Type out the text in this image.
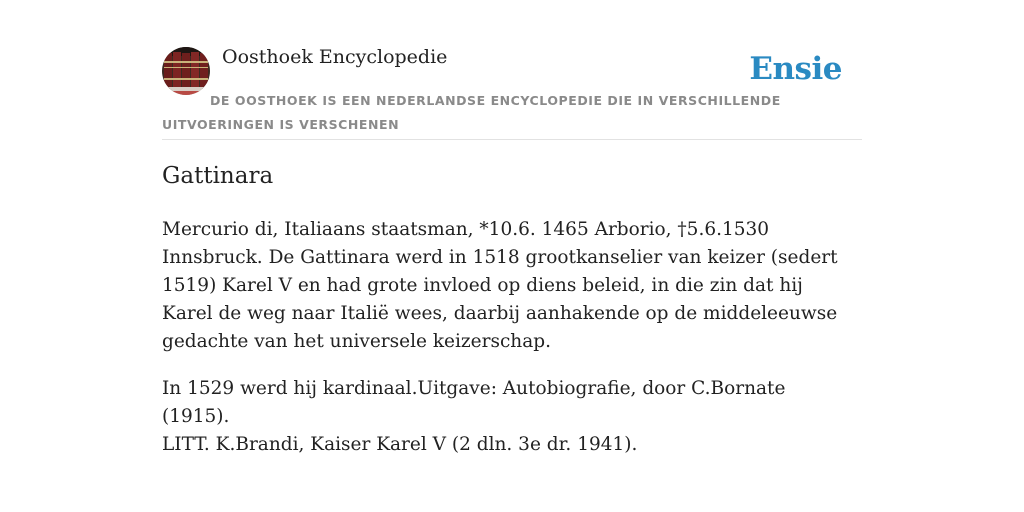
Oosthoek Encyclopedie	Ensie

DE OOSTHOEK IS EEN NEDERLANDSE ENCYCLOPEDIE DIE IN VERSCHILLENDE UITVOERINGEN IS VERSCHENEN

Gattinara

Mercurio di, Italiaans staatsman, *10.6. 1465 Arborio, †5.6.1530 Innsbruck. De Gattinara werd in 1518 grootkanselier van keizer (sedert 1519) Karel V en had grote invloed op diens beleid, in die zin dat hij Karel de weg naar Italië wees, daarbij aanhakende op de middeleeuwse gedachte van het universele keizerschap.

In 1529 werd hij kardinaal.Uitgave: Autobiografie, door C.Bornate (1915).

LITT. K.Brandi, Kaiser Karel V (2 dln. 3e dr. 1941).
